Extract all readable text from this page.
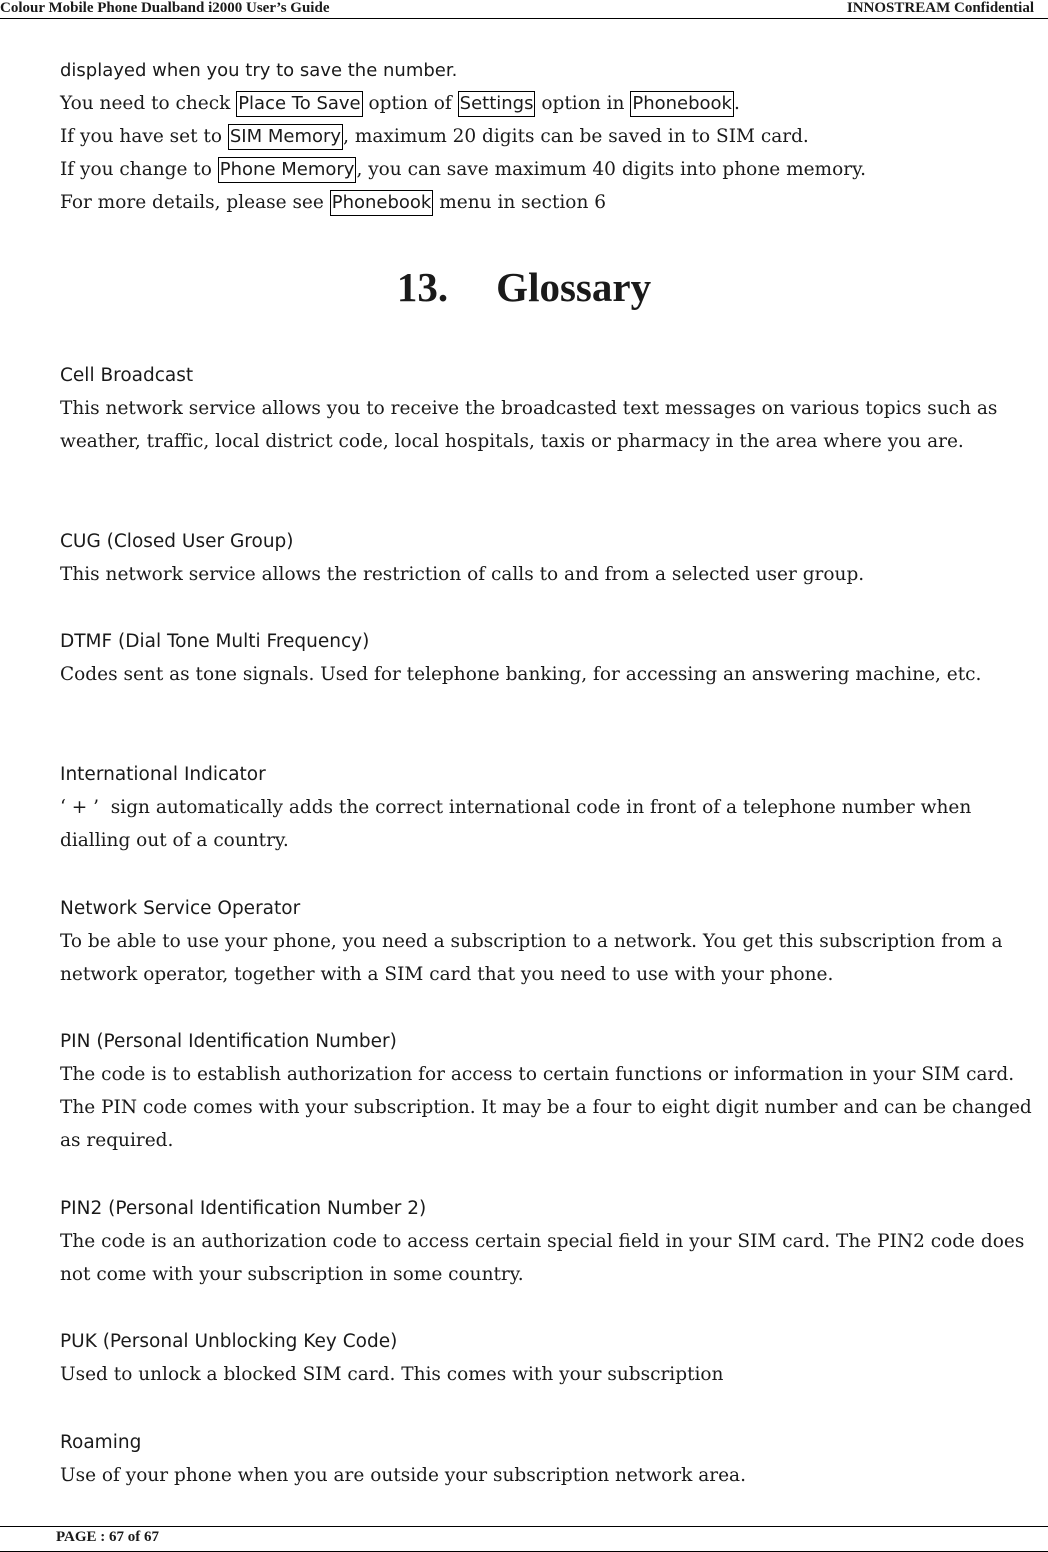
Colour Mobile Phone Dualband i2000 User’s Guide	INNOSTREAM Confidential
displayed when you try to save the number.
You need to check Place To Save option of Settings option in Phonebook .
If you have set to SIM Memory , maximum 20 digits can be saved in to SIM card.
If you change to Phone Memory , you can save maximum 40 digits into phone memory.
For more details, please see Phonebook menu in section 6
13. Glossary
Cell Broadcast
This network service allows you to receive the broadcasted text messages on various topics such as weather, traffic, local district code, local hospitals, taxis or pharmacy in the area where you are.
CUG (Closed User Group)
This network service allows the restriction of calls to and from a selected user group.
DTMF (Dial Tone Multi Frequency)
Codes sent as tone signals. Used for telephone banking, for accessing an answering machine, etc.
International Indicator
‘ + ’  sign automatically adds the correct international code in front of a telephone number when dialling out of a country.
Network Service Operator
To be able to use your phone, you need a subscription to a network. You get this subscription from a network operator, together with a SIM card that you need to use with your phone.
PIN (Personal Identification Number)
The code is to establish authorization for access to certain functions or information in your SIM card. The PIN code comes with your subscription. It may be a four to eight digit number and can be changed as required.
PIN2 (Personal Identification Number 2)
The code is an authorization code to access certain special field in your SIM card. The PIN2 code does not come with your subscription in some country.
PUK (Personal Unblocking Key Code)
Used to unlock a blocked SIM card. This comes with your subscription
Roaming
Use of your phone when you are outside your subscription network area.
PAGE : 67 of 67
